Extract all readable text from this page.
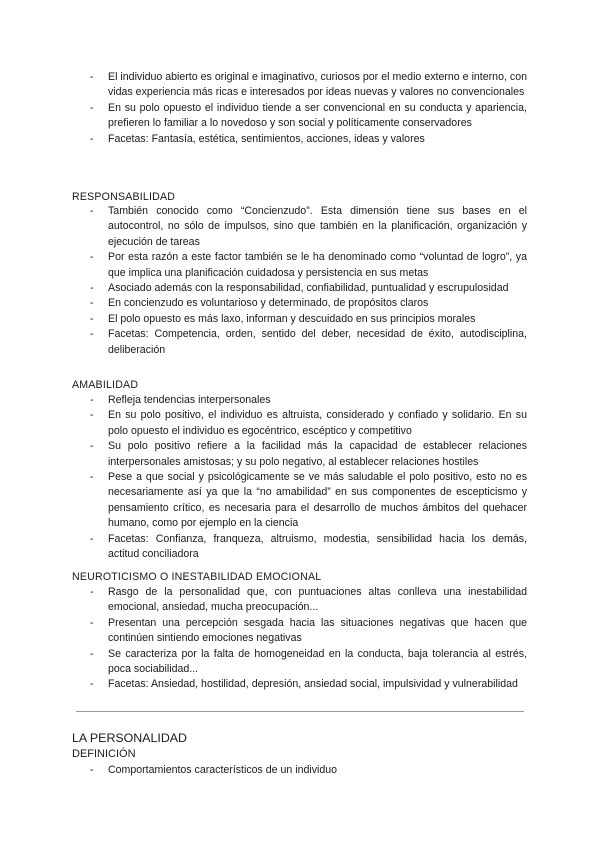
- El individuo abierto es original e imaginativo, curiosos por el medio externo e interno, con vidas experiencia más ricas e interesados por ideas nuevas y valores no convencionales
- En su polo opuesto el individuo tiende a ser convencional en su conducta y apariencia, prefieren lo familiar a lo novedoso y son social y políticamente conservadores
- Facetas: Fantasía, estética, sentimientos, acciones, ideas y valores
RESPONSABILIDAD
- También conocido como “Concienzudo”. Esta dimensión tiene sus bases en el autocontrol, no sólo de impulsos, sino que también en la planificación, organización y ejecución de tareas
- Por esta razón a este factor también se le ha denominado como “voluntad de logro”, ya que implica una planificación cuidadosa y persistencia en sus metas
- Asociado además con la responsabilidad, confiabilidad, puntualidad y escrupulosidad
- En concienzudo es voluntarioso y determinado, de propósitos claros
- El polo opuesto es más laxo, informan y descuidado en sus principios morales
- Facetas: Competencia, orden, sentido del deber, necesidad de éxito, autodisciplina, deliberación
AMABILIDAD
- Refleja tendencias interpersonales
- En su polo positivo, el individuo es altruista, considerado y confiado y solidario. En su polo opuesto el individuo es egocéntrico, escéptico y competitivo
- Su polo positivo refiere a la facilidad más la capacidad de establecer relaciones interpersonales amistosas; y su polo negativo, al establecer relaciones hostiles
- Pese a que social y psicológicamente se ve más saludable el polo positivo, esto no es necesariamente así ya que la “no amabilidad” en sus componentes de escepticismo y pensamiento crítico, es necesaria para el desarrollo de muchos ámbitos del quehacer humano, como por ejemplo en la ciencia
- Facetas: Confianza, franqueza, altruismo, modestia, sensibilidad hacia los demás, actitud conciliadora
NEUROTICISMO O INESTABILIDAD EMOCIONAL
- Rasgo de la personalidad que, con puntuaciones altas conlleva una inestabilidad emocional, ansiedad, mucha preocupación...
- Presentan una percepción sesgada hacia las situaciones negativas que hacen que continúen sintiendo emociones negativas
- Se caracteriza por la falta de homogeneidad en la conducta, baja tolerancia al estrés, poca sociabilidad...
- Facetas: Ansiedad, hostilidad, depresión, ansiedad social, impulsividad y vulnerabilidad
LA PERSONALIDAD
DEFINICIÓN
- Comportamientos característicos de un individuo
